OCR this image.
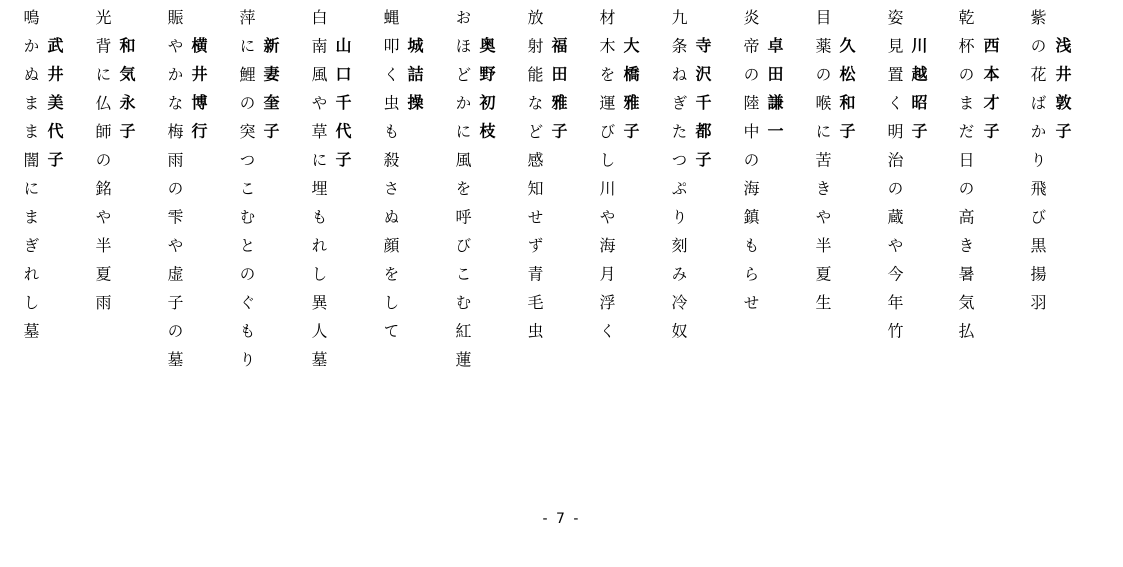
紫の花ばかり飛び黒揚羽 浅井敦子
乾杯のまだ日の高き暑気払 西本才子
姿見置く明治の蔵や今年竹 川越昭子
目薬の喉に苦きや半夏生 久松和子
炎帝の陸中の海鎮もらせ 卓田謙一
九条ねぎたつぷり刻み冷奴 寺沢千都子
材木を運びし川や海月浮く 大橋雅子
放射能など感知せず青毛虫 福田雅子
おほどかに風を呼びこむ紅蓮 奥野初枝
蝿叩く虫も殺さぬ顔をして 城詰操
白南風や草に埋もれし異人墓 山口千代子
萍に鯉の突つこむとのぐもり 新妻奎子
賑やかな梅雨の雫や虚子の墓 横井博行
光背に仏師の銘や半夏雨 和気永子
鳴かぬまま闇にまぎれし墓 武井美代子
- 7 -
